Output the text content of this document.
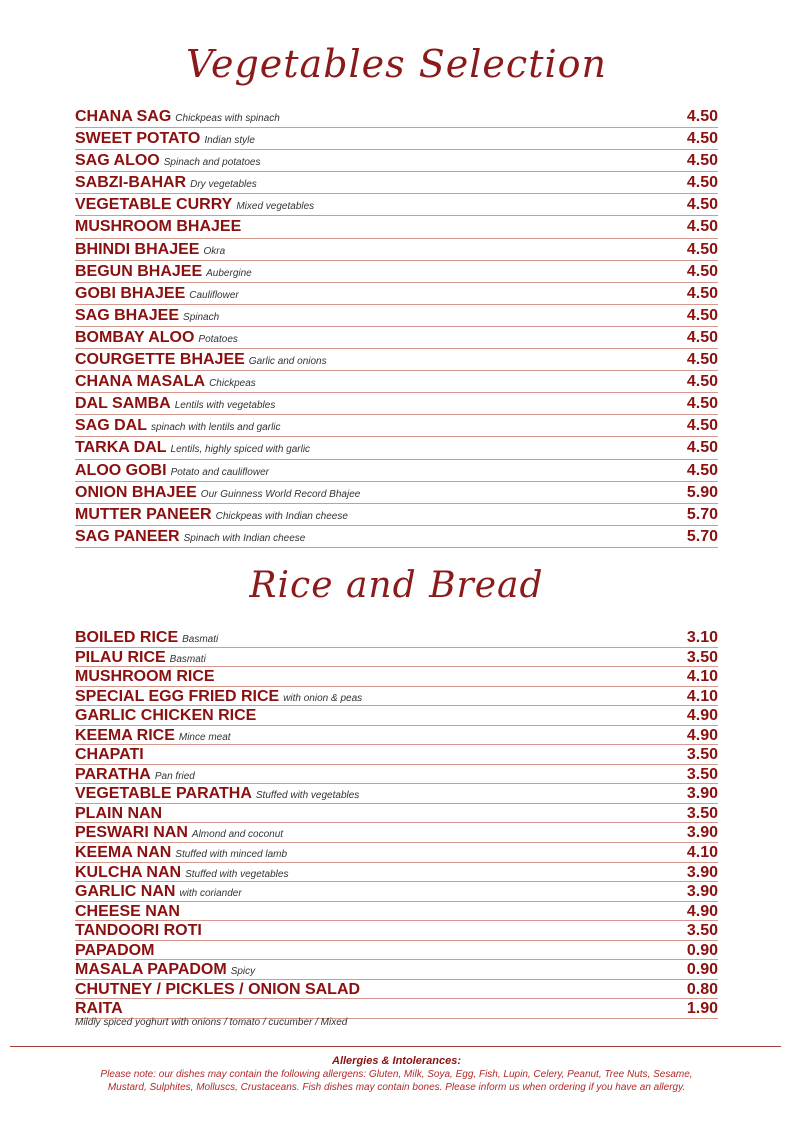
Vegetables Selection
CHANA SAG Chickpeas with spinach	4.50
SWEET POTATO Indian style	4.50
SAG ALOO Spinach and potatoes	4.50
SABZI-BAHAR Dry vegetables	4.50
VEGETABLE CURRY Mixed vegetables	4.50
MUSHROOM BHAJEE	4.50
BHINDI BHAJEE Okra	4.50
BEGUN BHAJEE Aubergine	4.50
GOBI BHAJEE Cauliflower	4.50
SAG BHAJEE Spinach	4.50
BOMBAY ALOO Potatoes	4.50
COURGETTE BHAJEE Garlic and onions	4.50
CHANA MASALA Chickpeas	4.50
DAL SAMBA Lentils with vegetables	4.50
SAG DAL spinach with lentils and garlic	4.50
TARKA DAL Lentils, highly spiced with garlic	4.50
ALOO GOBI Potato and cauliflower	4.50
ONION BHAJEE Our Guinness World Record Bhajee	5.90
MUTTER PANEER Chickpeas with Indian cheese	5.70
SAG PANEER Spinach with Indian cheese	5.70
Rice and Bread
BOILED RICE Basmati	3.10
PILAU RICE Basmati	3.50
MUSHROOM RICE	4.10
SPECIAL EGG FRIED RICE with onion & peas	4.10
GARLIC CHICKEN RICE	4.90
KEEMA RICE Mince meat	4.90
CHAPATI	3.50
PARATHA Pan fried	3.50
VEGETABLE PARATHA Stuffed with vegetables	3.90
PLAIN NAN	3.50
PESWARI NAN Almond and coconut	3.90
KEEMA NAN Stuffed with minced lamb	4.10
KULCHA NAN Stuffed with vegetables	3.90
GARLIC NAN with coriander	3.90
CHEESE NAN	4.90
TANDOORI ROTI	3.50
PAPADOM	0.90
MASALA PAPADOM Spicy	0.90
CHUTNEY / PICKLES / ONION SALAD	0.80
RAITA	1.90
Mildly spiced yoghurt with onions / tomato / cucumber / Mixed
Allergies & Intolerances:
Please note: our dishes may contain the following allergens: Gluten, Milk, Soya, Egg, Fish, Lupin, Celery, Peanut, Tree Nuts, Sesame, Mustard, Sulphites, Molluscs, Crustaceans. Fish dishes may contain bones. Please inform us when ordering if you have an allergy.
